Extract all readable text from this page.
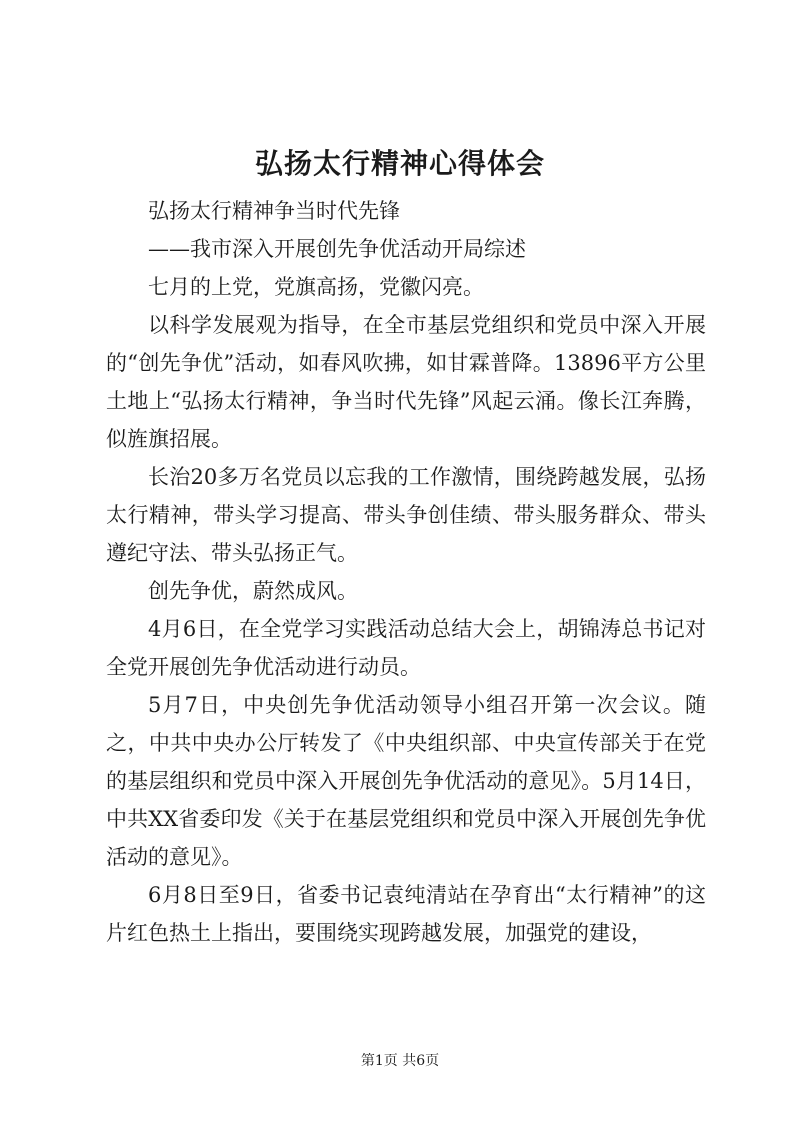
弘扬太行精神心得体会

弘扬太行精神争当时代先锋

——我市深入开展创先争优活动开局综述

七月的上党，党旗高扬，党徽闪亮。

以科学发展观为指导，在全市基层党组织和党员中深入开展的“创先争优”活动，如春风吹拂，如甘霖普降。13896平方公里土地上“弘扬太行精神，争当时代先锋”风起云涌。像长江奔腾，似旌旗招展。

长治20多万名党员以忘我的工作激情，围绕跨越发展，弘扬太行精神，带头学习提高、带头争创佳绩、带头服务群众、带头遵纪守法、带头弘扬正气。

创先争优，蔚然成风。

4月6日，在全党学习实践活动总结大会上，胡锦涛总书记对全党开展创先争优活动进行动员。

5月7日，中央创先争优活动领导小组召开第一次会议。随之，中共中央办公厅转发了《中央组织部、中央宣传部关于在党的基层组织和党员中深入开展创先争优活动的意见》。5月14日，中共XX省委印发《关于在基层党组织和党员中深入开展创先争优活动的意见》。

6月8日至9日，省委书记袁纯清站在孕育出“太行精神”的这片红色热土上指出，要围绕实现跨越发展，加强党的建设，

第1页 共6页
